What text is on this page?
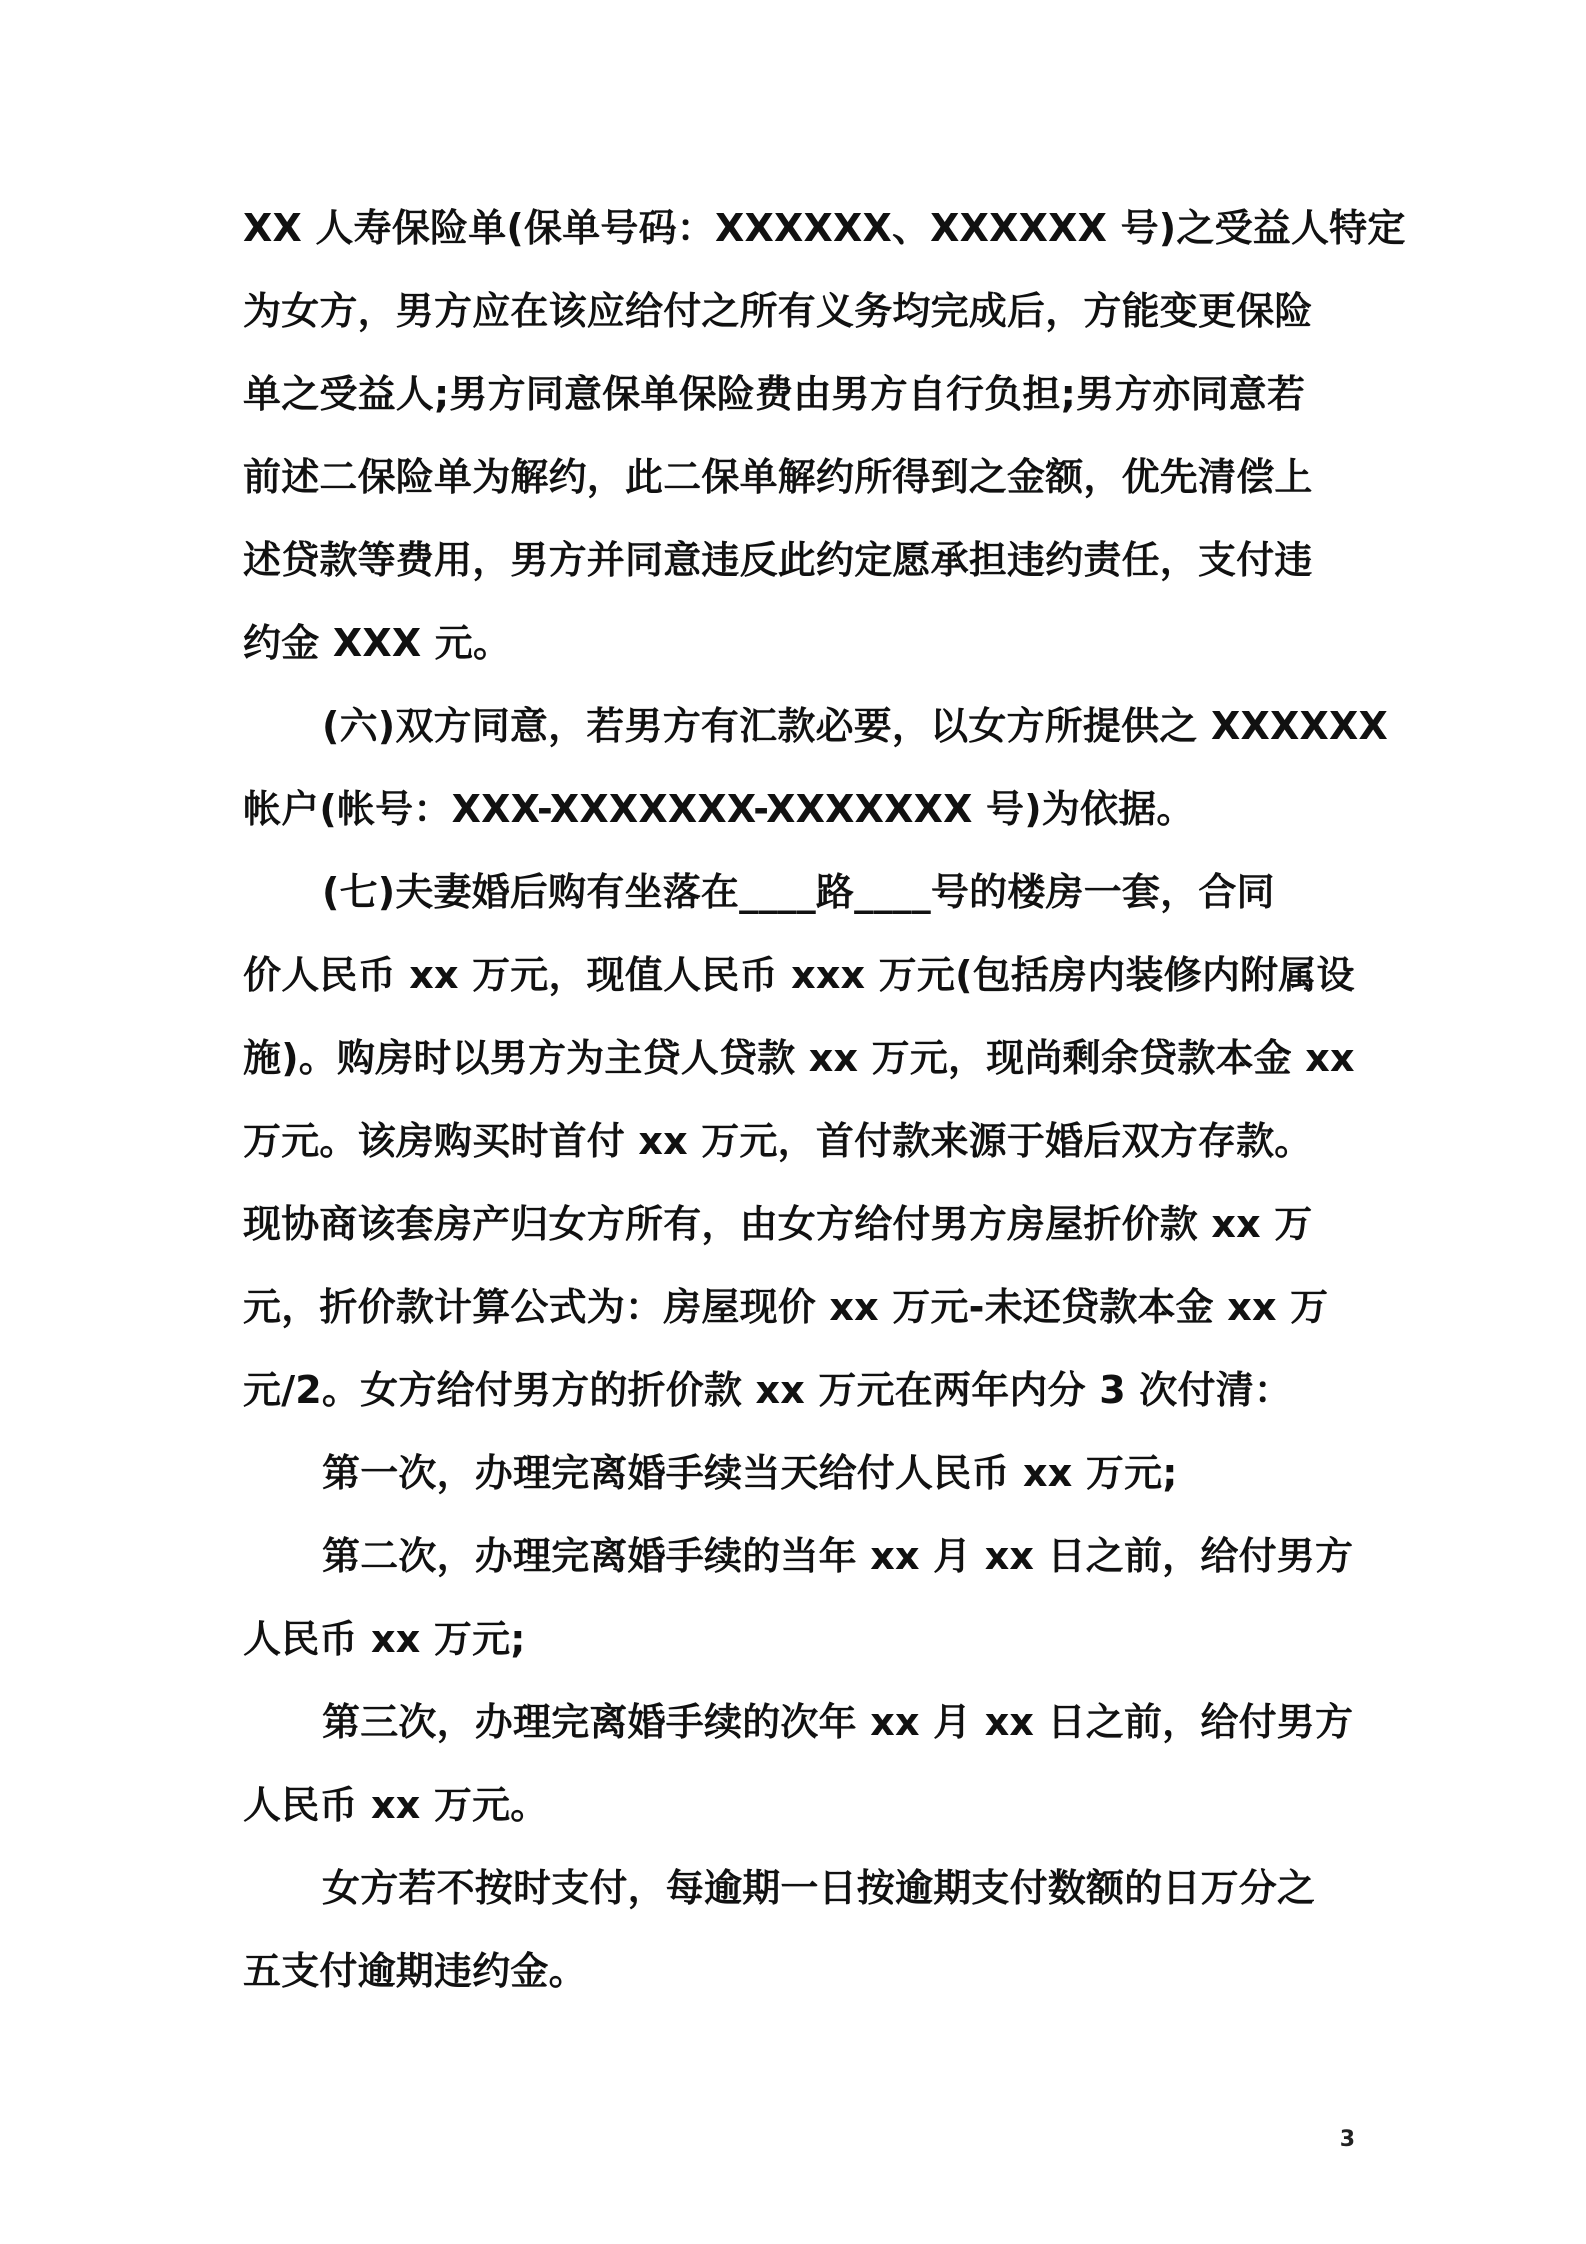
XX 人寿保险单(保单号码：XXXXXX、XXXXXX 号)之受益人特定
为女方，男方应在该应给付之所有义务均完成后，方能变更保险
单之受益人;男方同意保单保险费由男方自行负担;男方亦同意若
前述二保险单为解约，此二保单解约所得到之金额，优先清偿上
述贷款等费用，男方并同意违反此约定愿承担违约责任，支付违
约金 XXX 元。
(六)双方同意，若男方有汇款必要，以女方所提供之 XXXXXX
帐户(帐号：XXX-XXXXXXX-XXXXXXX 号)为依据。
(七)夫妻婚后购有坐落在____路____号的楼房一套，合同
价人民币 xx 万元，现值人民币 xxx 万元(包括房内装修内附属设
施)。购房时以男方为主贷人贷款 xx 万元，现尚剩余贷款本金 xx
万元。该房购买时首付 xx 万元，首付款来源于婚后双方存款。
现协商该套房产归女方所有，由女方给付男方房屋折价款 xx 万
元，折价款计算公式为：房屋现价 xx 万元-未还贷款本金 xx 万
元/2。女方给付男方的折价款 xx 万元在两年内分 3 次付清：
第一次，办理完离婚手续当天给付人民币 xx 万元;
第二次，办理完离婚手续的当年 xx 月 xx 日之前，给付男方
人民币 xx 万元;
第三次，办理完离婚手续的次年 xx 月 xx 日之前，给付男方
人民币 xx 万元。
女方若不按时支付，每逾期一日按逾期支付数额的日万分之
五支付逾期违约金。
3
